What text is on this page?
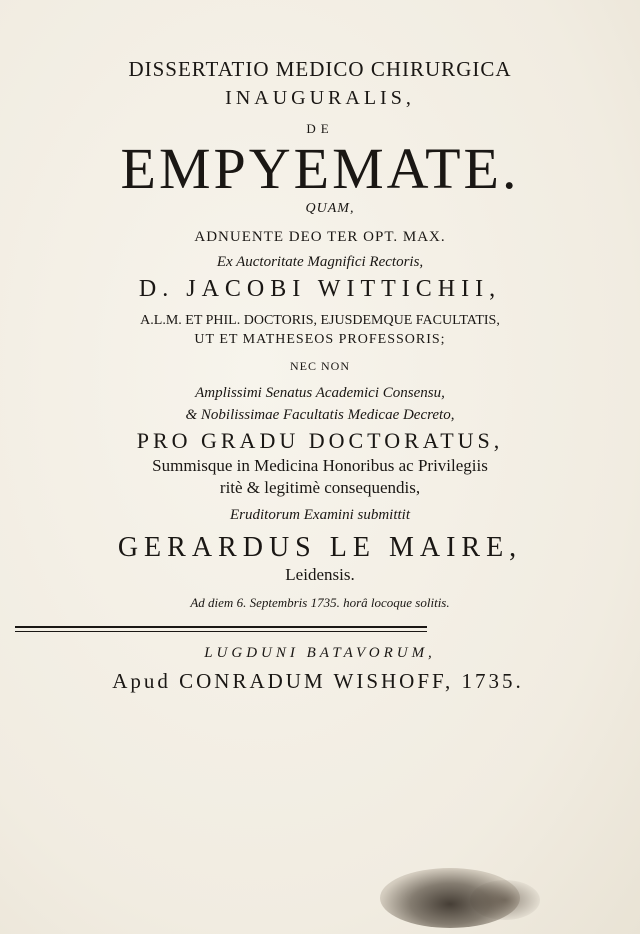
DISSERTATIO MEDICO CHIRURGICA
INAUGURALIS,
DE
EMPYEMATE.
QUAM,
ADNUENTE DEO TER OPT. MAX.
Ex Auctoritate Magnifici Rectoris,
D. JACOBI WITTICHII,
A.L.M. ET PHIL. DOCTORIS, EJUSDEMQUE FACULTATIS,
UT ET MATHESEOS PROFESSORIS;
NEC NON
Amplissimi Senatus Academici Consensu,
& Nobilissimae Facultatis Medicae Decreto,
PRO GRADU DOCTORATUS,
Summisque in Medicina Honoribus ac Privilegiis
ritè & legitimè consequendis,
Eruditorum Examini submittit
GERARDUS LE MAIRE,
Leidensis.
Ad diem 6. Septembris 1735. horâ locoque solitis.
LUGDUNI BATAVORUM,
Apud CONRADUM WISHOFF, 1735.
